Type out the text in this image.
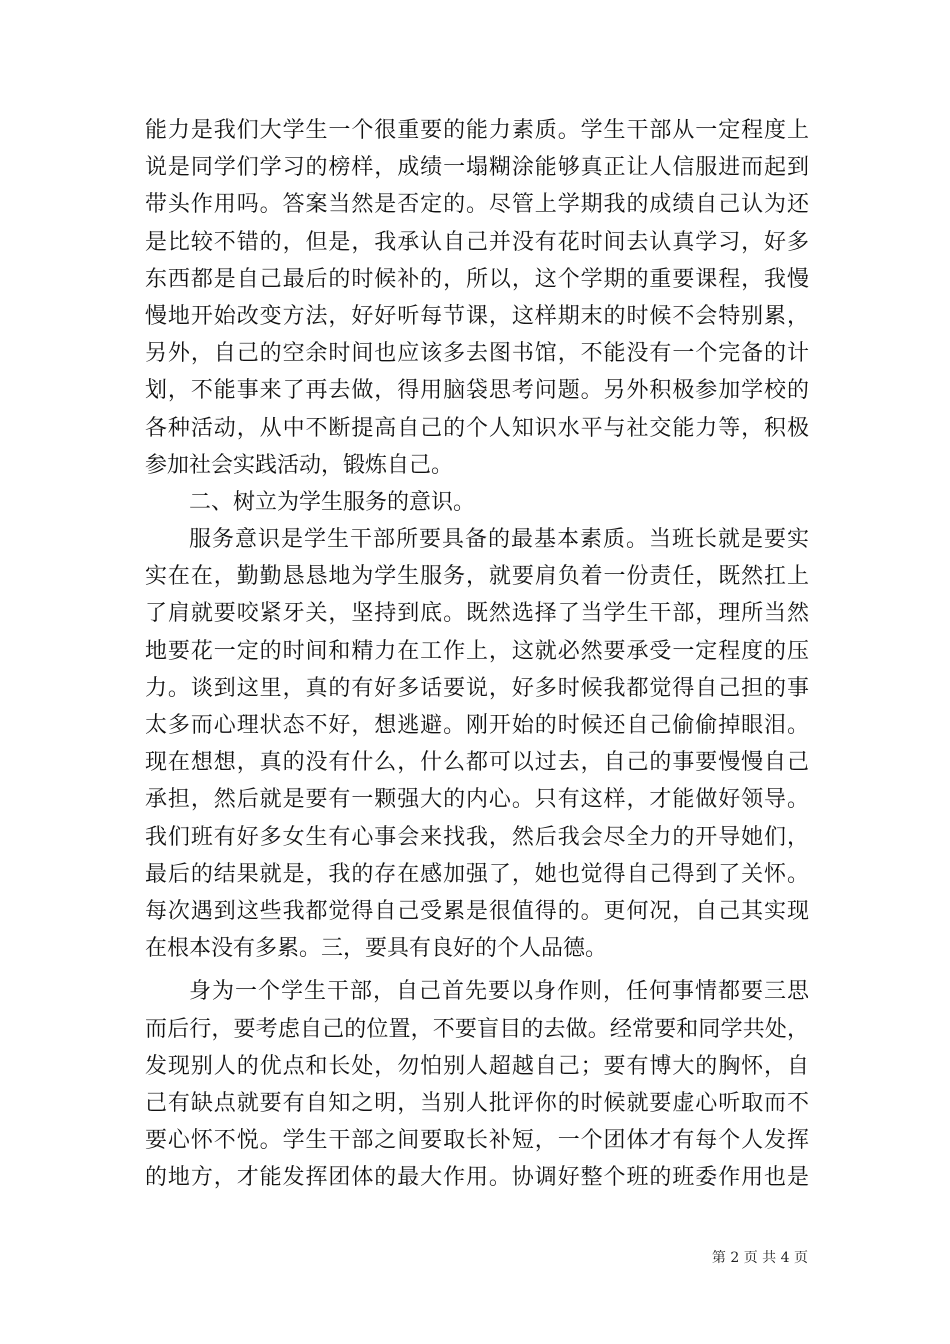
能力是我们大学生一个很重要的能力素质。学生干部从一定程度上
说是同学们学习的榜样，成绩一塌糊涂能够真正让人信服进而起到
带头作用吗。答案当然是否定的。尽管上学期我的成绩自己认为还
是比较不错的，但是，我承认自己并没有花时间去认真学习，好多
东西都是自己最后的时候补的，所以，这个学期的重要课程，我慢
慢地开始改变方法，好好听每节课，这样期末的时候不会特别累，
另外，自己的空余时间也应该多去图书馆，不能没有一个完备的计
划，不能事来了再去做，得用脑袋思考问题。另外积极参加学校的
各种活动，从中不断提高自己的个人知识水平与社交能力等，积极
参加社会实践活动，锻炼自己。
二、树立为学生服务的意识。
服务意识是学生干部所要具备的最基本素质。当班长就是要实
实在在，勤勤恳恳地为学生服务，就要肩负着一份责任，既然扛上
了肩就要咬紧牙关，坚持到底。既然选择了当学生干部，理所当然
地要花一定的时间和精力在工作上，这就必然要承受一定程度的压
力。谈到这里，真的有好多话要说，好多时候我都觉得自己担的事
太多而心理状态不好，想逃避。刚开始的时候还自己偷偷掉眼泪。
现在想想，真的没有什么，什么都可以过去，自己的事要慢慢自己
承担，然后就是要有一颗强大的内心。只有这样，才能做好领导。
我们班有好多女生有心事会来找我，然后我会尽全力的开导她们，
最后的结果就是，我的存在感加强了，她也觉得自己得到了关怀。
每次遇到这些我都觉得自己受累是很值得的。更何况，自己其实现
在根本没有多累。三，要具有良好的个人品德。
身为一个学生干部，自己首先要以身作则，任何事情都要三思
而后行，要考虑自己的位置，不要盲目的去做。经常要和同学共处，
发现别人的优点和长处，勿怕别人超越自己；要有博大的胸怀，自
己有缺点就要有自知之明，当别人批评你的时候就要虚心听取而不
要心怀不悦。学生干部之间要取长补短，一个团体才有每个人发挥
的地方，才能发挥团体的最大作用。协调好整个班的班委作用也是
第 2 页 共 4 页
